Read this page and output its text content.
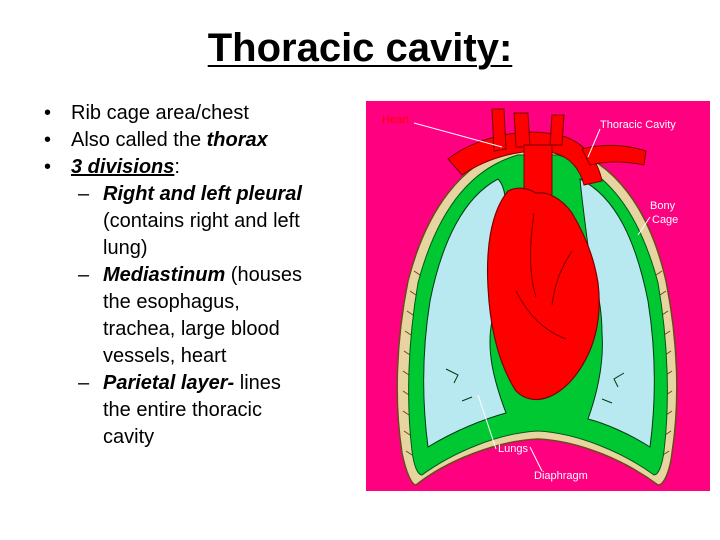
Thoracic cavity:
• Rib cage area/chest
• Also called the thorax
• 3 divisions:
– Right and left pleural
(contains right and left
lung)
– Mediastinum (houses
the esophagus,
trachea, large blood
vessels, heart
– Parietal layer- lines
the entire thoracic
cavity
Heart	Thoracic Cavity
Bony
Cage
Lungs
Diaphragm
